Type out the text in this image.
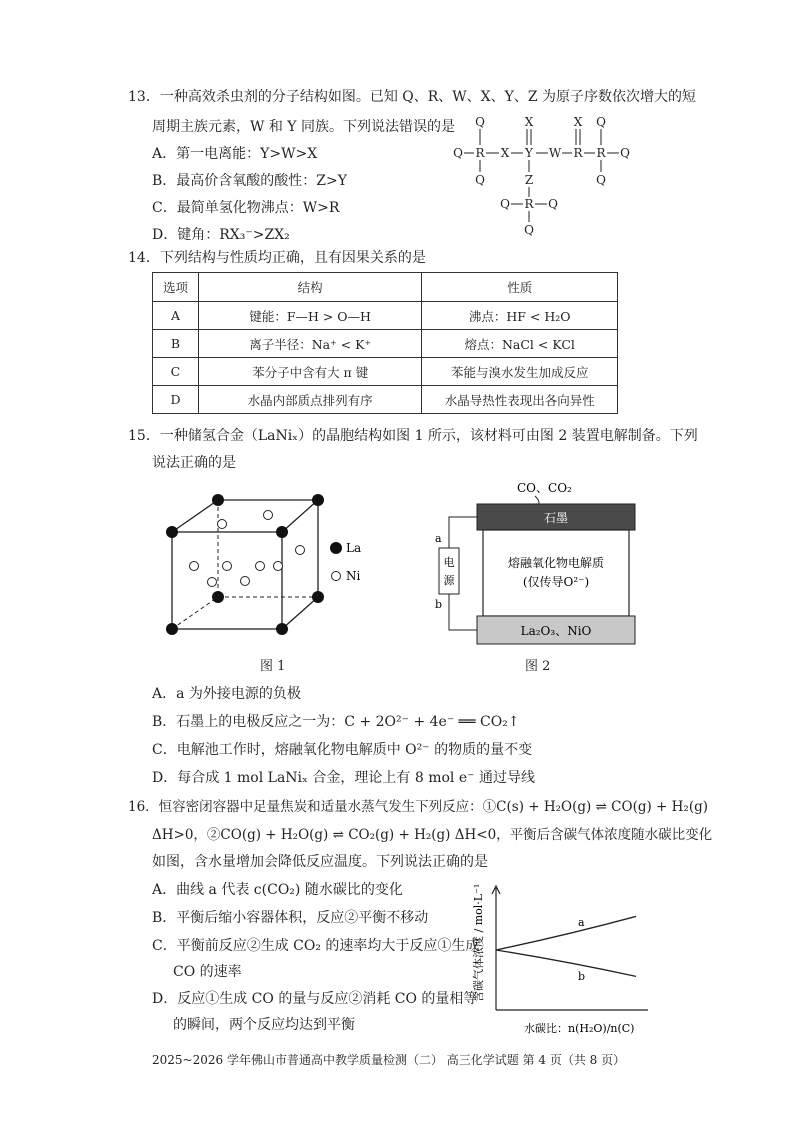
13．一种高效杀虫剂的分子结构如图。已知 Q、R、W、X、Y、Z 为原子序数依次增大的短
周期主族元素，W 和 Y 同族。下列说法错误的是
A．第一电离能：Y>W>X
B．最高价含氧酸的酸性：Z>Y
C．最简单氢化物沸点：W>R
D．键角：RX₃⁻>ZX₂
Q	X	X Q
Q R X Y W R R Q
Q	Z	Q
Q R Q
Q
14．下列结构与性质均正确，且有因果关系的是
选项	结构	性质
A	键能：F—H > O—H	沸点：HF < H₂O
B	离子半径：Na⁺ < K⁺	熔点：NaCl < KCl
C	苯分子中含有大 π 键	苯能与溴水发生加成反应
D	水晶内部质点排列有序	水晶导热性表现出各向异性
15．一种储氢合金（LaNiₓ）的晶胞结构如图 1 所示，该材料可由图 2 装置电解制备。下列
说法正确的是
La
Ni
图 1
CO、CO₂
石墨
熔融氧化物电解质
(仅传导O²⁻)
La₂O₃、NiO
电
源
a
b
图 2
A．a 为外接电源的负极
B．石墨上的电极反应之一为：C + 2O²⁻ + 4e⁻ ══ CO₂↑
C．电解池工作时，熔融氧化物电解质中 O²⁻ 的物质的量不变
D．每合成 1 mol LaNiₓ 合金，理论上有 8 mol e⁻ 通过导线
16．恒容密闭容器中足量焦炭和适量水蒸气发生下列反应：①C(s) + H₂O(g) ⇌ CO(g) + H₂(g)
ΔH>0，②CO(g) + H₂O(g) ⇌ CO₂(g) + H₂(g) ΔH<0，平衡后含碳气体浓度随水碳比变化
如图，含水量增加会降低反应温度。下列说法正确的是
A．曲线 a 代表 c(CO₂) 随水碳比的变化
B．平衡后缩小容器体积，反应②平衡不移动
C．平衡前反应②生成 CO₂ 的速率均大于反应①生成
CO 的速率
D．反应①生成 CO 的量与反应②消耗 CO 的量相等
的瞬间，两个反应均达到平衡
含碳气体浓度 / mol·L⁻¹
水碳比：n(H₂O)/n(C)
a
b
2025~2026 学年佛山市普通高中教学质量检测（二） 高三化学试题 第 4 页（共 8 页）
